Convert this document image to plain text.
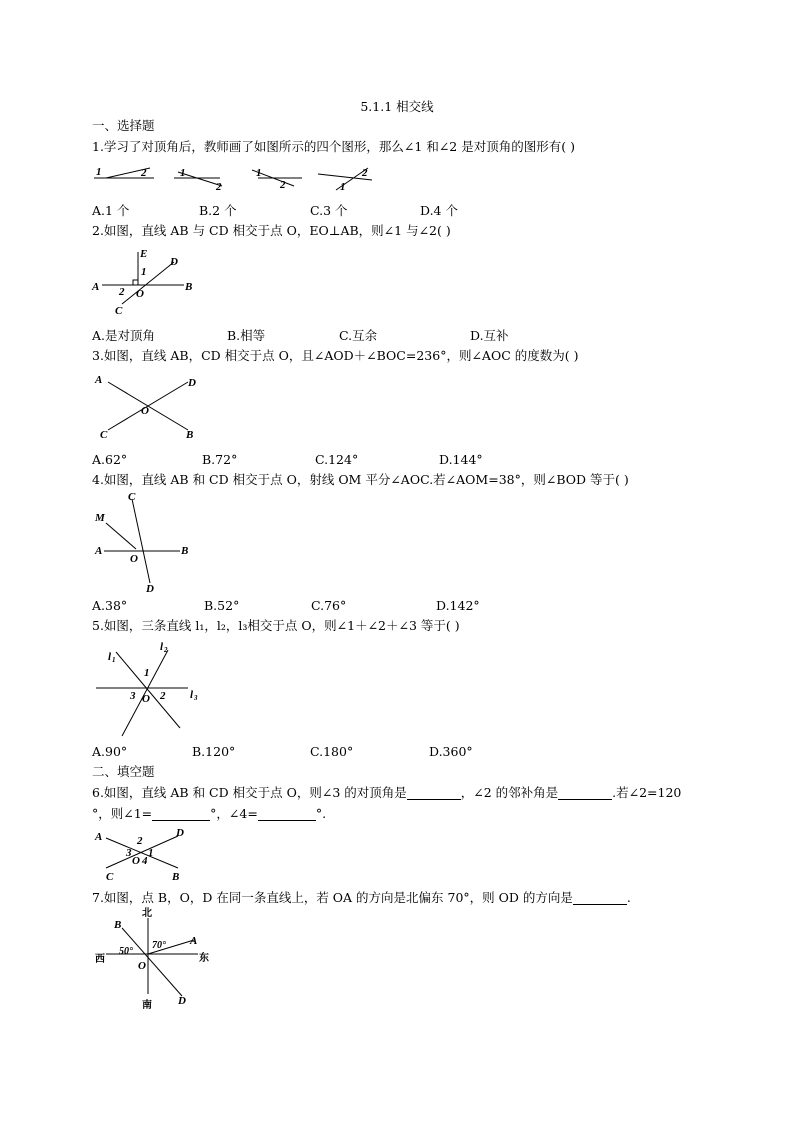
5.1.1 相交线
一、选择题
1.学习了对顶角后，教师画了如图所示的四个图形，那么∠1 和∠2 是对顶角的图形有( )
1	2	1
2
1
2	1
2
A.1 个	B.2 个	C.3 个	D.4 个
2.如图，直线 AB 与 CD 相交于点 O，EO⊥AB，则∠1 与∠2( )
A	B
C
D
E
O
1
2
A.是对顶角	B.相等	C.互余	D.互补
3.如图，直线 AB，CD 相交于点 O，且∠AOD＋∠BOC=236°，则∠AOC 的度数为( )
A	D
C	B
O
A.62°	B.72°	C.124°	D.144°
4.如图，直线 AB 和 CD 相交于点 O，射线 OM 平分∠AOC.若∠AOM=38°，则∠BOD 等于( )
M
C
A	B
O
D
A.38°	B.52°	C.76°	D.142°
5.如图，三条直线 l₁，l₂，l₃相交于点 O，则∠1＋∠2＋∠3 等于( )
l 1
l 2
l 3
1
2
3 O
A.90°	B.120°	C.180°	D.360°
二、填空题
6.如图，直线 AB 和 CD 相交于点 O，则∠3 的对顶角是	，∠2 的邻补角是	.若∠2=120
°，则∠1=	°，∠4=	°.
A	D
C	B
2
3 1
O 4
7.如图，点 B，O，D 在同一条直线上，若 OA 的方向是北偏东 70°，则 OD 的方向是	.
北
南
西	东
B
A
D
O
70°
50°
